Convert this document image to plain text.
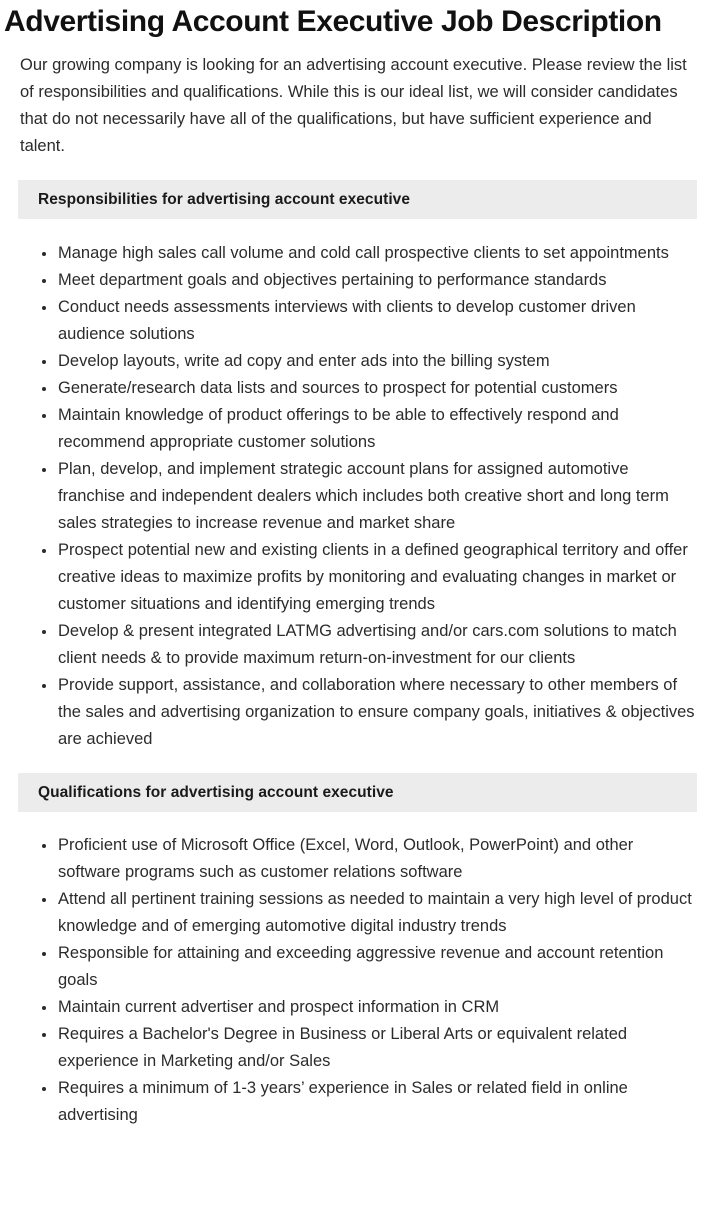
Advertising Account Executive Job Description

Our growing company is looking for an advertising account executive. Please review the list of responsibilities and qualifications. While this is our ideal list, we will consider candidates that do not necessarily have all of the qualifications, but have sufficient experience and talent.

Responsibilities for advertising account executive
Manage high sales call volume and cold call prospective clients to set appointments
Meet department goals and objectives pertaining to performance standards
Conduct needs assessments interviews with clients to develop customer driven audience solutions
Develop layouts, write ad copy and enter ads into the billing system
Generate/research data lists and sources to prospect for potential customers
Maintain knowledge of product offerings to be able to effectively respond and recommend appropriate customer solutions
Plan, develop, and implement strategic account plans for assigned automotive franchise and independent dealers which includes both creative short and long term sales strategies to increase revenue and market share
Prospect potential new and existing clients in a defined geographical territory and offer creative ideas to maximize profits by monitoring and evaluating changes in market or customer situations and identifying emerging trends
Develop & present integrated LATMG advertising and/or cars.com solutions to match client needs & to provide maximum return-on-investment for our clients
Provide support, assistance, and collaboration where necessary to other members of the sales and advertising organization to ensure company goals, initiatives & objectives are achieved
Qualifications for advertising account executive
Proficient use of Microsoft Office (Excel, Word, Outlook, PowerPoint) and other software programs such as customer relations software
Attend all pertinent training sessions as needed to maintain a very high level of product knowledge and of emerging automotive digital industry trends
Responsible for attaining and exceeding aggressive revenue and account retention goals
Maintain current advertiser and prospect information in CRM
Requires a Bachelor's Degree in Business or Liberal Arts or equivalent related experience in Marketing and/or Sales
Requires a minimum of 1-3 years’ experience in Sales or related field in online advertising
